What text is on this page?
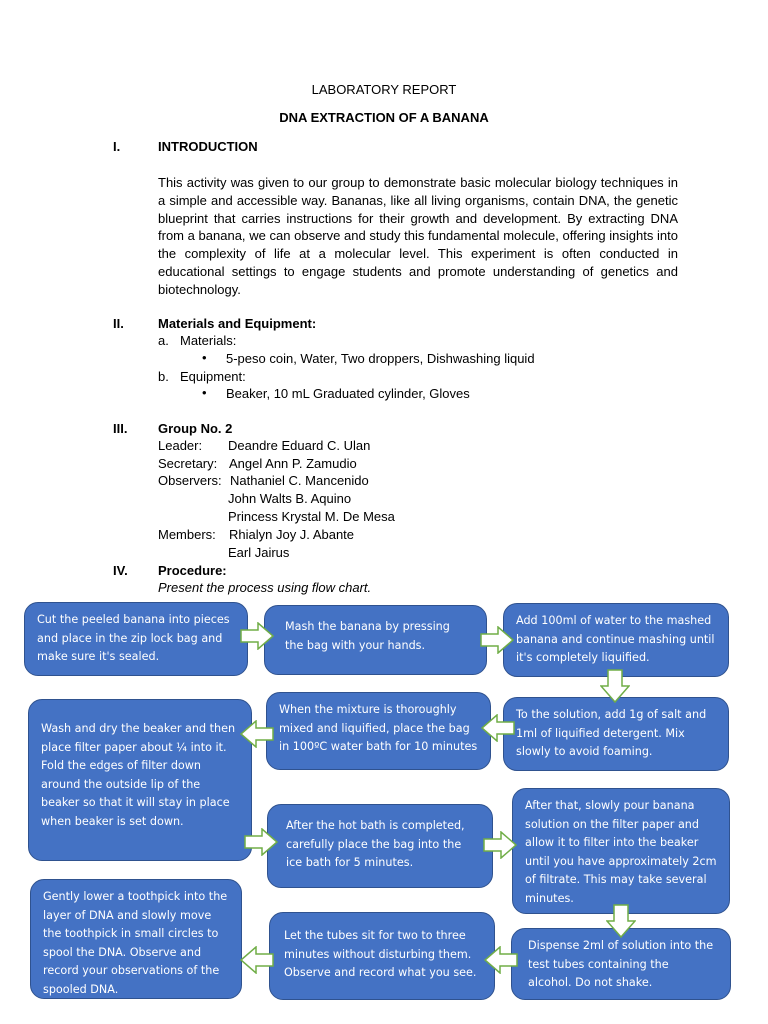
LABORATORY REPORT
DNA EXTRACTION OF A BANANA
I.	INTRODUCTION
This activity was given to our group to demonstrate basic molecular biology techniques in a simple and accessible way. Bananas, like all living organisms, contain DNA, the genetic blueprint that carries instructions for their growth and development. By extracting DNA from a banana, we can observe and study this fundamental molecule, offering insights into the complexity of life at a molecular level. This experiment is often conducted in educational settings to engage students and promote understanding of genetics and biotechnology.
II.	Materials and Equipment:
a. Materials:
• 5-peso coin, Water, Two droppers, Dishwashing liquid
b. Equipment:
• Beaker, 10 mL Graduated cylinder, Gloves
III. Group No. 2
Leader: Deandre Eduard C. Ulan
Secretary: Angel Ann P. Zamudio
Observers: Nathaniel C. Mancenido
John Walts B. Aquino
Princess Krystal M. De Mesa
Members: Rhialyn Joy J. Abante
Earl Jairus
IV. Procedure:
Present the process using flow chart.
Cut the peeled banana into pieces and place in the zip lock bag and make sure it's sealed.
Mash the banana by pressing the bag with your hands.
Add 100ml of water to the mashed banana and continue mashing until it's completely liquified.
To the solution, add 1g of salt and 1ml of liquified detergent. Mix slowly to avoid foaming.
When the mixture is thoroughly mixed and liquified, place the bag in 100ºC water bath for 10 minutes
Wash and dry the beaker and then place filter paper about ¼ into it. Fold the edges of filter down around the outside lip of the beaker so that it will stay in place when beaker is set down.	After the hot bath is completed, carefully place the bag into the ice bath for 5 minutes.
After that, slowly pour banana solution on the filter paper and allow it to filter into the beaker until you have approximately 2cm of filtrate. This may take several minutes.
Dispense 2ml of solution into the test tubes containing the alcohol. Do not shake.
Let the tubes sit for two to three minutes without disturbing them. Observe and record what you see.
Gently lower a toothpick into the layer of DNA and slowly move the toothpick in small circles to spool the DNA. Observe and record your observations of the spooled DNA.
